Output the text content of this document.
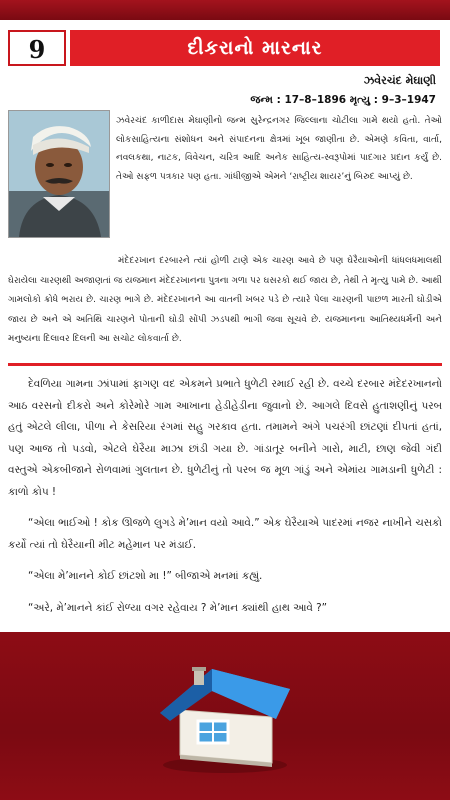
9	દીકરાનો મારનાર
ઝવેરચંદ મેઘાણી
જન્મ : 17–8–1896 મૃત્યુ : 9–3–1947
ઝવેરચંદ કાળીદાસ મેઘાણીનો જન્મ સુરેન્દ્રનગર જિલ્લાના ચોટીલા ગામે થયો હતો. તેઓ લોકસાહિત્યના સંશોધન અને સંપાદનના ક્ષેત્રમાં ખૂબ જાણીતા છે. એમણે કવિતા, વાર્તા, નવલકથા, નાટક, વિવેચન, ચરિત્ર આદિ અનેક સાહિત્ય-સ્વરૂપોમાં પાદગાર પ્રદાન કર્યું છે. તેઓ સફળ પત્રકાર પણ હતા. ગાંધીજીએ એમને ‘રાષ્ટ્રીય શાયર’નું બિરુદ આપ્યું છે.
મંદેદરખાન દરબારને ત્યાં હોળી ટાણે એક ચારણ આવે છે પણ ઘેરૈયાઓની ધાંધલધમાલથી ઘેરાયેલા ચારણથી અજાણતાં જ યજમાન મંદેદરખાનના પુત્રના ગળા પર ઘસરકો થઈ જાય છે, તેથી તે મૃત્યુ પામે છે. આથી ગામલોકો ક્રોધે ભરાય છે. ચારણ ભાગે છે. મંદેદરખાનને આ વાતની ખબર પડે છે ત્યારે પેલા ચારણની પાછળ મારતી ઘોડીએ જાય છે અને એ અતિથિ ચારણને પોતાની ઘોડી સોંપી ઝડપથી ભાગી જવા સૂચવે છે. યજમાનના આતિથ્યધર્મની અને મનુષ્યના દિલાવર દિલની આ સચોટ લોકવાર્તા છે.

દેવળિયા ગામના ઝાંપામાં ફાગણ વદ એકમને પ્રભાતે ધુળેટી રમાઈ રહી છે. વચ્ચે દરબાર મંદેદરખાનનો આઠ વરસનો દીકરો અને કોરેમોરે ગામ આખાના હેડીહેડીના જુવાનો છે. આગલે દિવસે હુતાશણીનું પરબ હતું એટલે લીલા, પીળા ને કેસરિયા રંગમાં સહુ ગરકાવ હતા. તમામને અંગે પચરંગી છાંટણાં દીપતાં હતાં, પણ આજ તો પડવો, એટલે ઘેરૈયા માઝા છાંડી ગયા છે. ગાંડાતૂર બનીને ગારો, માટી, છાણ જેવી ગંદી વસ્તુએ એકબીજાને રોળવામાં ગુલતાન છે. ધુળેટીનું તો પરબ જ મૂળ ગાંડું અને એમાંય ગામડાની ધુળેટી : કાળો કોપ !

“એલા ભાઈઓ ! કોક ઊજળે લુગડે મે’માન વયો આવે.” એક ઘેરૈયાએ પાદરમાં નજર નાખીને ચસકો કર્યો ત્યાં તો ઘેરૈયાની મીટ મહેમાન પર મંડાઈ.

“એલા મે’માનને કોઈ છાંટશો મા !” બીજાએ મનમાં કહ્યું.

“અરે, મે’માનને કાંઈ રોળ્યા વગર રહેવાય ? મે’માન ક્યાંથી હાથ આવે ?”
